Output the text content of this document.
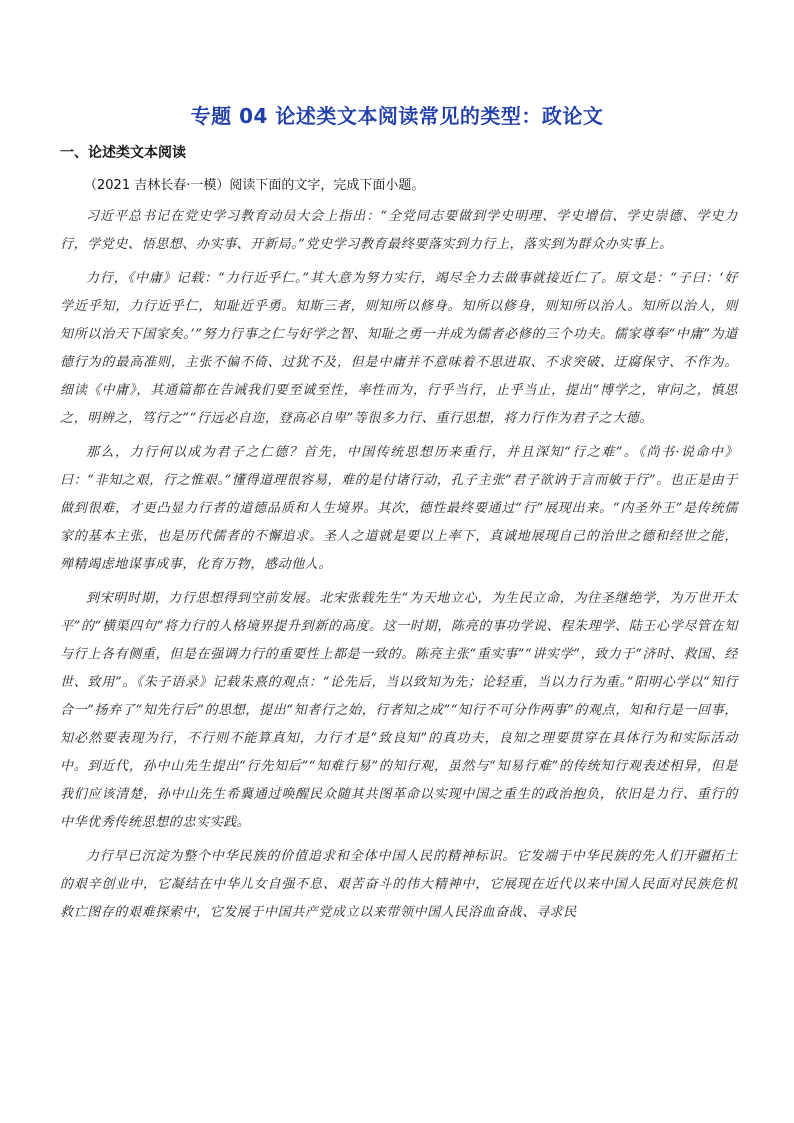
专题 04 论述类文本阅读常见的类型：政论文
一、论述类文本阅读
（2021 吉林长春·一模）阅读下面的文字，完成下面小题。

习近平总书记在党史学习教育动员大会上指出：“全党同志要做到学史明理、学史增信、学史崇德、学史力行，学党史、悟思想、办实事、开新局。”党史学习教育最终要落实到力行上，落实到为群众办实事上。

力行，《中庸》记载：“力行近乎仁。”其大意为努力实行，竭尽全力去做事就接近仁了。原文是：“子曰：‘好学近乎知，力行近乎仁，知耻近乎勇。知斯三者，则知所以修身。知所以修身，则知所以治人。知所以治人，则知所以治天下国家矣。’”努力行事之仁与好学之智、知耻之勇一并成为儒者必修的三个功夫。儒家尊奉“中庸”为道德行为的最高准则，主张不偏不倚、过犹不及，但是中庸并不意味着不思进取、不求突破、迂腐保守、不作为。细读《中庸》，其通篇都在告诫我们要至诚至性，率性而为，行乎当行，止乎当止，提出“博学之，审问之，慎思之，明辨之，笃行之”“行远必自迩，登高必自卑”等很多力行、重行思想，将力行作为君子之大德。

那么，力行何以成为君子之仁德？首先，中国传统思想历来重行，并且深知“行之难”。《尚书·说命中》曰：“非知之艰，行之惟艰。”懂得道理很容易，难的是付诸行动，孔子主张“君子欲讷于言而敏于行”。也正是由于做到很难，才更凸显力行者的道德品质和人生境界。其次，德性最终要通过“行”展现出来。“内圣外王”是传统儒家的基本主张，也是历代儒者的不懈追求。圣人之道就是要以上率下，真诚地展现自己的治世之德和经世之能，殚精竭虑地谋事成事，化育万物，感动他人。

到宋明时期，力行思想得到空前发展。北宋张载先生“为天地立心，为生民立命，为往圣继绝学，为万世开太平”的“横渠四句”将力行的人格境界提升到新的高度。这一时期，陈亮的事功学说、程朱理学、陆王心学尽管在知与行上各有侧重，但是在强调力行的重要性上都是一致的。陈亮主张“重实事”“讲实学”，致力于“济时、救国、经世、致用”。《朱子语录》记载朱熹的观点：“论先后，当以致知为先；论轻重，当以力行为重。”阳明心学以“知行合一”扬弃了“知先行后”的思想，提出“知者行之始，行者知之成”“知行不可分作两事”的观点，知和行是一回事，知必然要表现为行，不行则不能算真知，力行才是“致良知”的真功夫，良知之理要贯穿在具体行为和实际活动中。到近代，孙中山先生提出“行先知后”“知难行易”的知行观，虽然与“知易行难”的传统知行观表述相异，但是我们应该清楚，孙中山先生希冀通过唤醒民众随其共图革命以实现中国之重生的政治抱负，依旧是力行、重行的中华优秀传统思想的忠实实践。

力行早已沉淀为整个中华民族的价值追求和全体中国人民的精神标识。它发端于中华民族的先人们开疆拓土的艰辛创业中，它凝结在中华儿女自强不息、艰苦奋斗的伟大精神中，它展现在近代以来中国人民面对民族危机救亡图存的艰难探索中，它发展于中国共产党成立以来带领中国人民浴血奋战、寻求民
